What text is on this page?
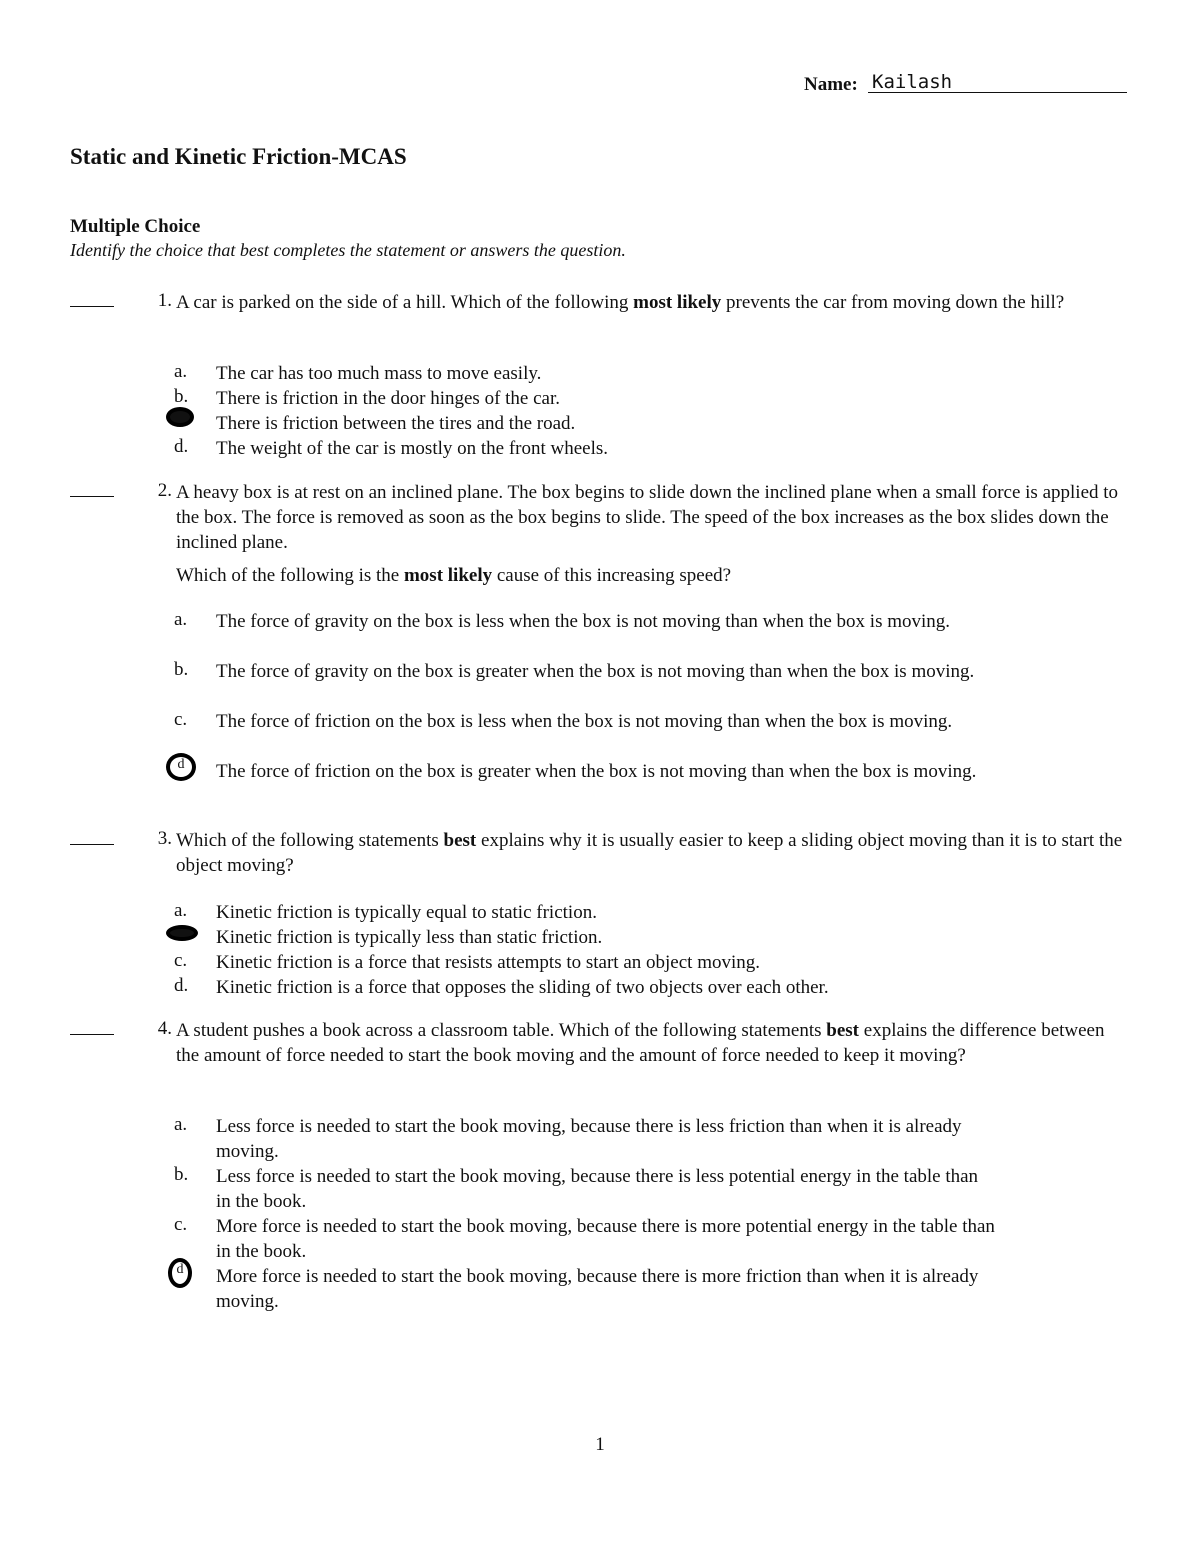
Name: Kailash
Static and Kinetic Friction-MCAS
Multiple Choice
Identify the choice that best completes the statement or answers the question.
1. A car is parked on the side of a hill. Which of the following most likely prevents the car from moving down the hill?
a.	The car has too much mass to move easily.
b.	There is friction in the door hinges of the car.
There is friction between the tires and the road.
d.	The weight of the car is mostly on the front wheels.
2. A heavy box is at rest on an inclined plane. The box begins to slide down the inclined plane when a small force is applied to the box. The force is removed as soon as the box begins to slide. The speed of the box increases as the box slides down the inclined plane.
Which of the following is the most likely cause of this increasing speed?
a.	The force of gravity on the box is less when the box is not moving than when the box is moving.
b.	The force of gravity on the box is greater when the box is not moving than when the box is moving.
c.	The force of friction on the box is less when the box is not moving than when the box is moving.
d	The force of friction on the box is greater when the box is not moving than when the box is moving.
3. Which of the following statements best explains why it is usually easier to keep a sliding object moving than it is to start the object moving?
a.	Kinetic friction is typically equal to static friction.
Kinetic friction is typically less than static friction.
c.	Kinetic friction is a force that resists attempts to start an object moving.
d.	Kinetic friction is a force that opposes the sliding of two objects over each other.
4. A student pushes a book across a classroom table. Which of the following statements best explains the difference between the amount of force needed to start the book moving and the amount of force needed to keep it moving?
a.	Less force is needed to start the book moving, because there is less friction than when it is already moving.
b.	Less force is needed to start the book moving, because there is less potential energy in the table than in the book.
c.	More force is needed to start the book moving, because there is more potential energy in the table than in the book.
d	More force is needed to start the book moving, because there is more friction than when it is already moving.
1
